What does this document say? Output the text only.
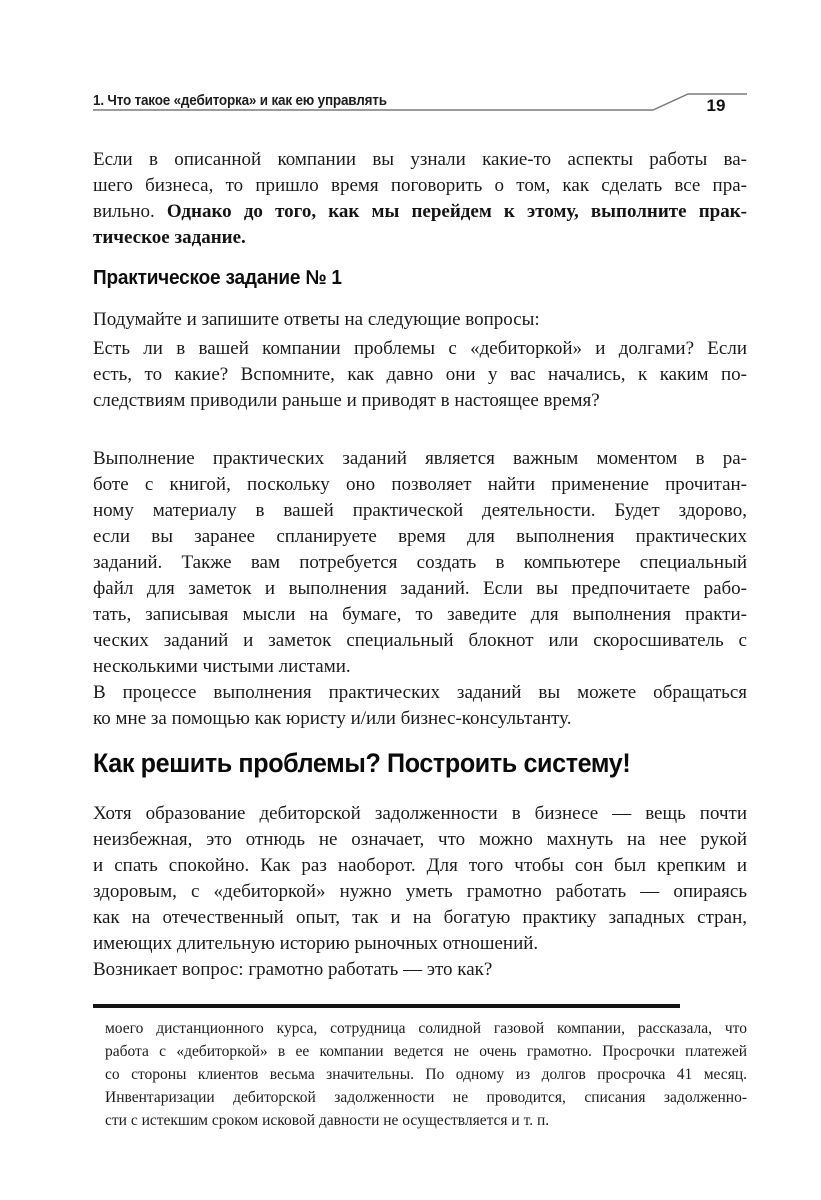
1. Что такое «дебиторка» и как ею управлять	19
Если в описанной компании вы узнали какие-то аспекты работы ва-
шего бизнеса, то пришло время поговорить о том, как сделать все пра-
вильно. Однако до того, как мы перейдем к этому, выполните прак-
тическое задание.
Практическое задание № 1
Подумайте и запишите ответы на следующие вопросы:
Есть ли в вашей компании проблемы с «дебиторкой» и долгами? Если
есть, то какие? Вспомните, как давно они у вас начались, к каким по-
следствиям приводили раньше и приводят в настоящее время?
Выполнение практических заданий является важным моментом в ра-
боте с книгой, поскольку оно позволяет найти применение прочитан-
ному материалу в вашей практической деятельности. Будет здорово,
если вы заранее спланируете время для выполнения практических
заданий. Также вам потребуется создать в компьютере специальный
файл для заметок и выполнения заданий. Если вы предпочитаете рабо-
тать, записывая мысли на бумаге, то заведите для выполнения практи-
ческих заданий и заметок специальный блокнот или скоросшиватель с
несколькими чистыми листами.
В процессе выполнения практических заданий вы можете обращаться
ко мне за помощью как юристу и/или бизнес-консультанту.
Как решить проблемы? Построить систему!
Хотя образование дебиторской задолженности в бизнесе — вещь почти
неизбежная, это отнюдь не означает, что можно махнуть на нее рукой
и спать спокойно. Как раз наоборот. Для того чтобы сон был крепким и
здоровым, с «дебиторкой» нужно уметь грамотно работать — опираясь
как на отечественный опыт, так и на богатую практику западных стран,
имеющих длительную историю рыночных отношений.
Возникает вопрос: грамотно работать — это как?
моего дистанционного курса, сотрудница солидной газовой компании, рассказала, что
работа с «дебиторкой» в ее компании ведется не очень грамотно. Просрочки платежей
со стороны клиентов весьма значительны. По одному из долгов просрочка 41 месяц.
Инвентаризации дебиторской задолженности не проводится, списания задолженно-
сти с истекшим сроком исковой давности не осуществляется и т. п.
